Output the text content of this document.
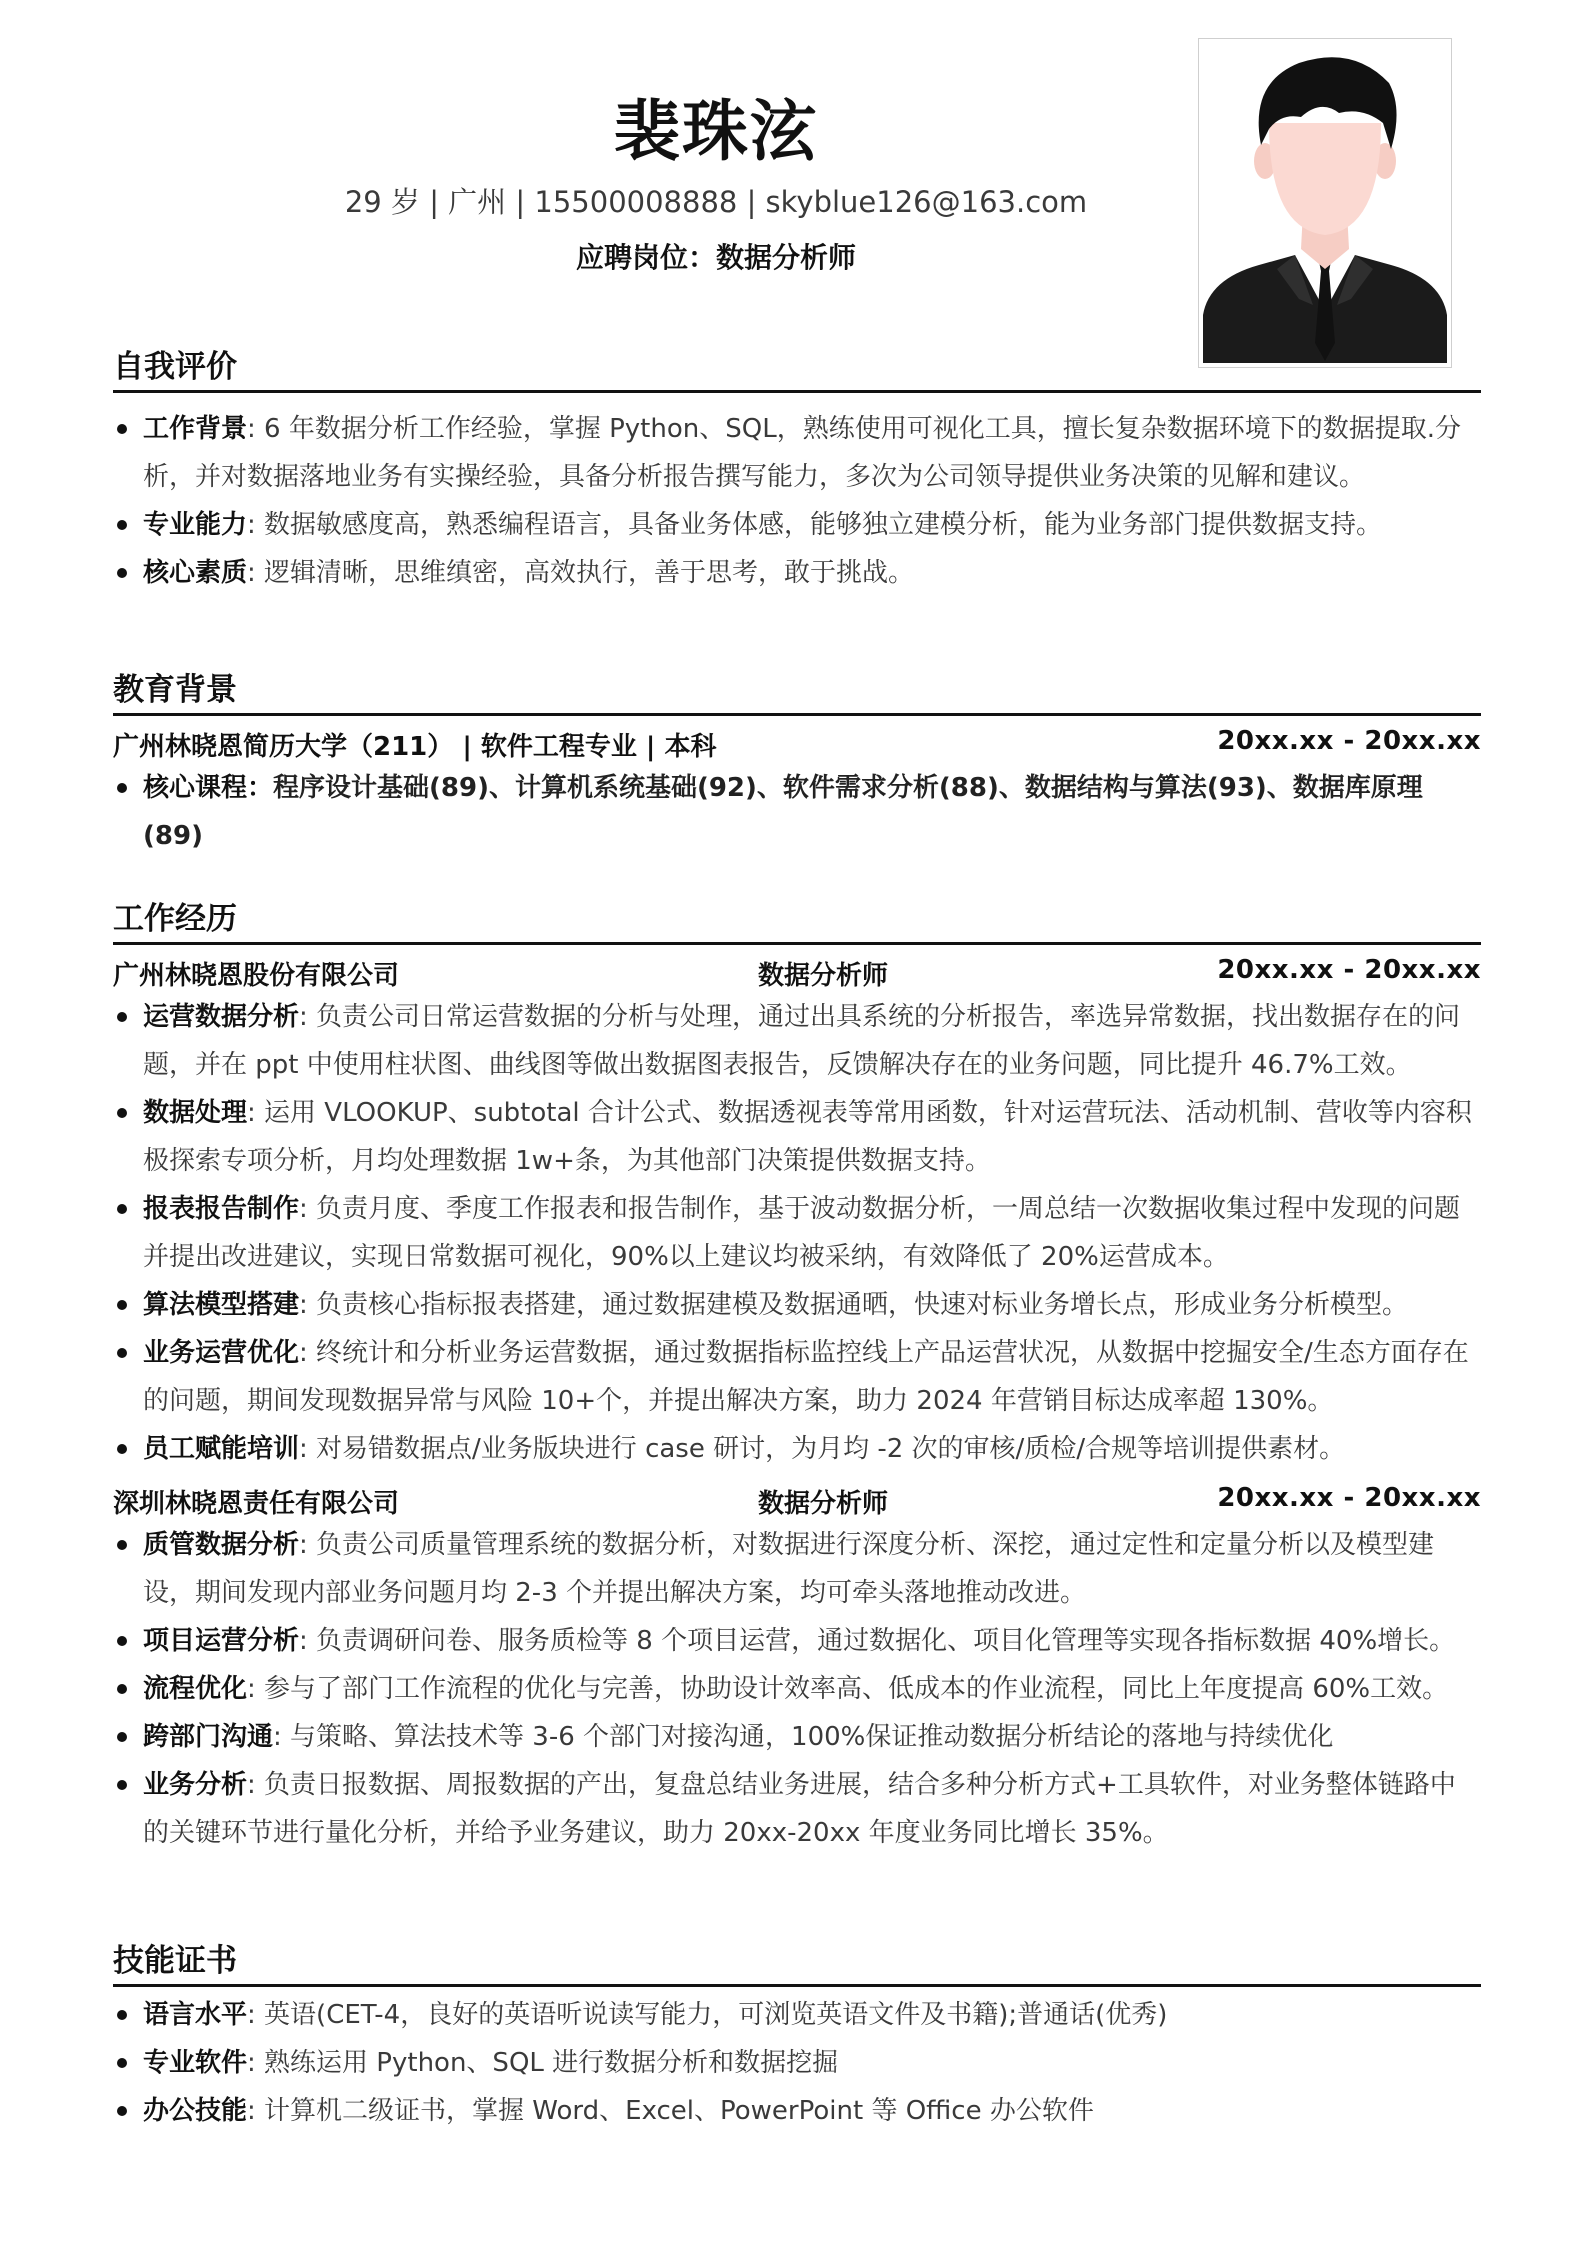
裴珠泫
29 岁 | 广州 | 15500008888 | skyblue126@163.com
应聘岗位：数据分析师
自我评价
工作背景: 6 年数据分析工作经验，掌握 Python、SQL，熟练使用可视化工具，擅长复杂数据环境下的数据提取.分析，并对数据落地业务有实操经验，具备分析报告撰写能力，多次为公司领导提供业务决策的见解和建议。
专业能力: 数据敏感度高，熟悉编程语言，具备业务体感，能够独立建模分析，能为业务部门提供数据支持。
核心素质: 逻辑清晰，思维缜密，高效执行，善于思考，敢于挑战。
教育背景
广州林晓恩简历大学（211） | 软件工程专业 | 本科	20xx.xx - 20xx.xx
核心课程：程序设计基础(89)、计算机系统基础(92)、软件需求分析(88)、数据结构与算法(93)、数据库原理(89)
工作经历
广州林晓恩股份有限公司	数据分析师	20xx.xx - 20xx.xx
运营数据分析: 负责公司日常运营数据的分析与处理，通过出具系统的分析报告，率选异常数据，找出数据存在的问题，并在 ppt 中使用柱状图、曲线图等做出数据图表报告，反馈解决存在的业务问题，同比提升 46.7%工效。
数据处理: 运用 VLOOKUP、subtotal 合计公式、数据透视表等常用函数，针对运营玩法、活动机制、营收等内容积极探索专项分析，月均处理数据 1w+条，为其他部门决策提供数据支持。
报表报告制作: 负责月度、季度工作报表和报告制作，基于波动数据分析，一周总结一次数据收集过程中发现的问题并提出改进建议，实现日常数据可视化，90%以上建议均被采纳，有效降低了 20%运营成本。
算法模型搭建: 负责核心指标报表搭建，通过数据建模及数据通晒，快速对标业务增长点，形成业务分析模型。
业务运营优化: 终统计和分析业务运营数据，通过数据指标监控线上产品运营状况，从数据中挖掘安全/生态方面存在的问题，期间发现数据异常与风险 10+个，并提出解决方案，助力 2024 年营销目标达成率超 130%。
员工赋能培训: 对易错数据点/业务版块进行 case 研讨，为月均 -2 次的审核/质检/合规等培训提供素材。
深圳林晓恩责任有限公司	数据分析师	20xx.xx - 20xx.xx
质管数据分析: 负责公司质量管理系统的数据分析，对数据进行深度分析、深挖，通过定性和定量分析以及模型建设，期间发现内部业务问题月均 2-3 个并提出解决方案，均可牵头落地推动改进。
项目运营分析: 负责调研问卷、服务质检等 8 个项目运营，通过数据化、项目化管理等实现各指标数据 40%增长。
流程优化: 参与了部门工作流程的优化与完善，协助设计效率高、低成本的作业流程，同比上年度提高 60%工效。
跨部门沟通: 与策略、算法技术等 3-6 个部门对接沟通，100%保证推动数据分析结论的落地与持续优化
业务分析: 负责日报数据、周报数据的产出，复盘总结业务进展，结合多种分析方式+工具软件，对业务整体链路中的关键环节进行量化分析，并给予业务建议，助力 20xx-20xx 年度业务同比增长 35%。
技能证书
语言水平: 英语(CET-4，良好的英语听说读写能力，可浏览英语文件及书籍);普通话(优秀)
专业软件: 熟练运用 Python、SQL 进行数据分析和数据挖掘
办公技能: 计算机二级证书，掌握 Word、Excel、PowerPoint 等 Office 办公软件
